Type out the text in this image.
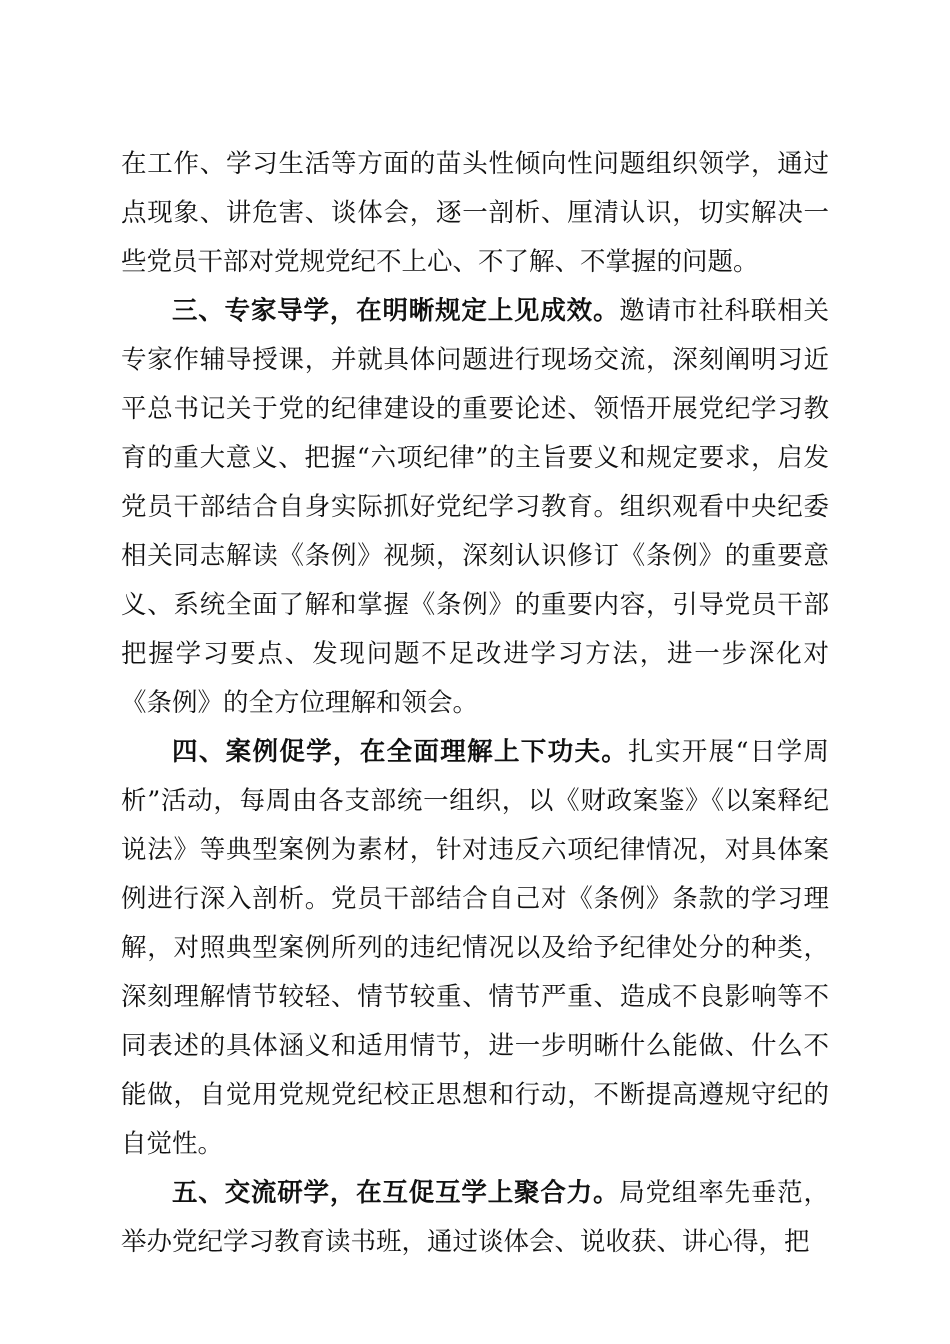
在工作、学习生活等方面的苗头性倾向性问题组织领学，通过点现象、讲危害、谈体会，逐一剖析、厘清认识，切实解决一些党员干部对党规党纪不上心、不了解、不掌握的问题。

三、专家导学，在明晰规定上见成效。邀请市社科联相关专家作辅导授课，并就具体问题进行现场交流，深刻阐明习近平总书记关于党的纪律建设的重要论述、领悟开展党纪学习教育的重大意义、把握“六项纪律”的主旨要义和规定要求，启发党员干部结合自身实际抓好党纪学习教育。组织观看中央纪委相关同志解读《条例》视频，深刻认识修订《条例》的重要意义、系统全面了解和掌握《条例》的重要内容，引导党员干部把握学习要点、发现问题不足改进学习方法，进一步深化对《条例》的全方位理解和领会。

四、案例促学，在全面理解上下功夫。扎实开展“日学周析”活动，每周由各支部统一组织，以《财政案鉴》《以案释纪说法》等典型案例为素材，针对违反六项纪律情况，对具体案例进行深入剖析。党员干部结合自己对《条例》条款的学习理解，对照典型案例所列的违纪情况以及给予纪律处分的种类，深刻理解情节较轻、情节较重、情节严重、造成不良影响等不同表述的具体涵义和适用情节，进一步明晰什么能做、什么不能做，自觉用党规党纪校正思想和行动，不断提高遵规守纪的自觉性。

五、交流研学，在互促互学上聚合力。局党组率先垂范，举办党纪学习教育读书班，通过谈体会、说收获、讲心得，把
